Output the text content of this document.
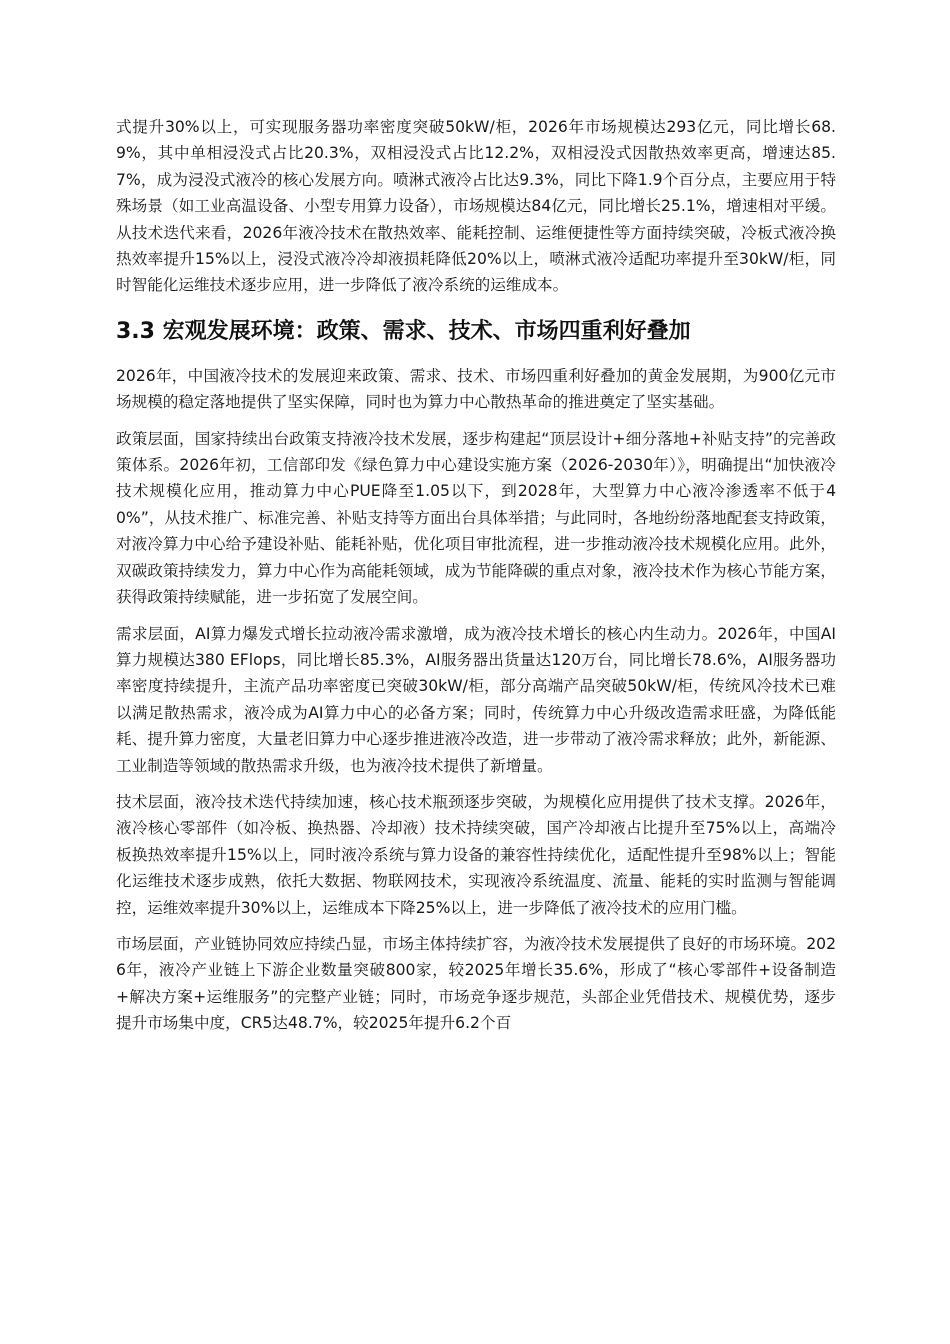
式提升30%以上，可实现服务器功率密度突破50kW/柜，2026年市场规模达293亿元，同比增长68.9%，其中单相浸没式占比20.3%，双相浸没式占比12.2%，双相浸没式因散热效率更高，增速达85.7%，成为浸没式液冷的核心发展方向。喷淋式液冷占比达9.3%，同比下降1.9个百分点，主要应用于特殊场景（如工业高温设备、小型专用算力设备），市场规模达84亿元，同比增长25.1%，增速相对平缓。从技术迭代来看，2026年液冷技术在散热效率、能耗控制、运维便捷性等方面持续突破，冷板式液冷换热效率提升15%以上，浸没式液冷冷却液损耗降低20%以上，喷淋式液冷适配功率提升至30kW/柜，同时智能化运维技术逐步应用，进一步降低了液冷系统的运维成本。

3.3 宏观发展环境：政策、需求、技术、市场四重利好叠加

2026年，中国液冷技术的发展迎来政策、需求、技术、市场四重利好叠加的黄金发展期，为900亿元市场规模的稳定落地提供了坚实保障，同时也为算力中心散热革命的推进奠定了坚实基础。

政策层面，国家持续出台政策支持液冷技术发展，逐步构建起“顶层设计+细分落地+补贴支持”的完善政策体系。2026年初，工信部印发《绿色算力中心建设实施方案（2026-2030年）》，明确提出“加快液冷技术规模化应用，推动算力中心PUE降至1.05以下，到2028年，大型算力中心液冷渗透率不低于40%”，从技术推广、标准完善、补贴支持等方面出台具体举措；与此同时，各地纷纷落地配套支持政策，对液冷算力中心给予建设补贴、能耗补贴，优化项目审批流程，进一步推动液冷技术规模化应用。此外，双碳政策持续发力，算力中心作为高能耗领域，成为节能降碳的重点对象，液冷技术作为核心节能方案，获得政策持续赋能，进一步拓宽了发展空间。

需求层面，AI算力爆发式增长拉动液冷需求激增，成为液冷技术增长的核心内生动力。2026年，中国AI算力规模达380 EFlops，同比增长85.3%，AI服务器出货量达120万台，同比增长78.6%，AI服务器功率密度持续提升，主流产品功率密度已突破30kW/柜，部分高端产品突破50kW/柜，传统风冷技术已难以满足散热需求，液冷成为AI算力中心的必备方案；同时，传统算力中心升级改造需求旺盛，为降低能耗、提升算力密度，大量老旧算力中心逐步推进液冷改造，进一步带动了液冷需求释放；此外，新能源、工业制造等领域的散热需求升级，也为液冷技术提供了新增量。

技术层面，液冷技术迭代持续加速，核心技术瓶颈逐步突破，为规模化应用提供了技术支撑。2026年，液冷核心零部件（如冷板、换热器、冷却液）技术持续突破，国产冷却液占比提升至75%以上，高端冷板换热效率提升15%以上，同时液冷系统与算力设备的兼容性持续优化，适配性提升至98%以上；智能化运维技术逐步成熟，依托大数据、物联网技术，实现液冷系统温度、流量、能耗的实时监测与智能调控，运维效率提升30%以上，运维成本下降25%以上，进一步降低了液冷技术的应用门槛。

市场层面，产业链协同效应持续凸显，市场主体持续扩容，为液冷技术发展提供了良好的市场环境。2026年，液冷产业链上下游企业数量突破800家，较2025年增长35.6%，形成了“核心零部件+设备制造+解决方案+运维服务”的完整产业链；同时，市场竞争逐步规范，头部企业凭借技术、规模优势，逐步提升市场集中度，CR5达48.7%，较2025年提升6.2个百
